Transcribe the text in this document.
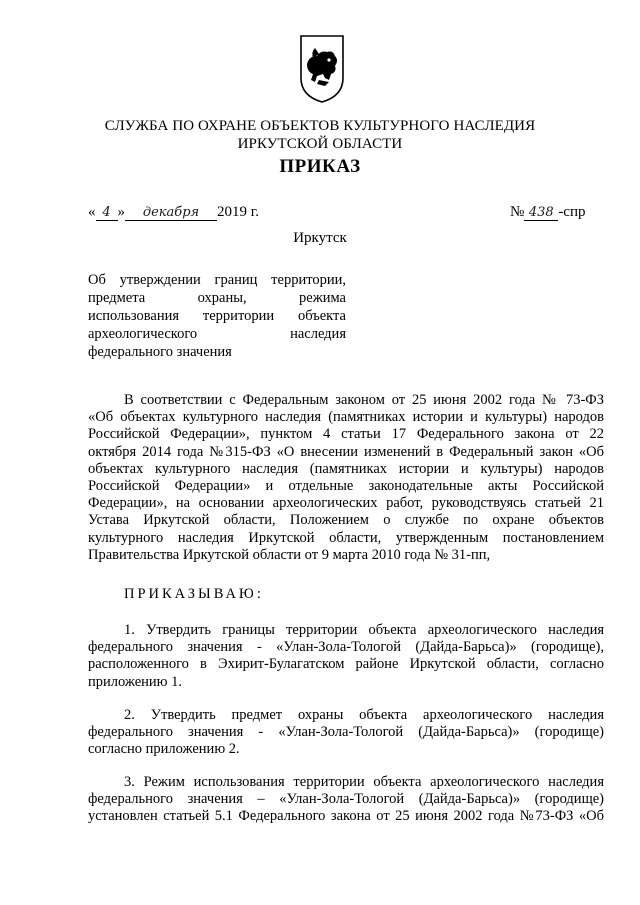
СЛУЖБА ПО ОХРАНЕ ОБЪЕКТОВ КУЛЬТУРНОГО НАСЛЕДИЯ
ИРКУТСКОЙ ОБЛАСТИ
ПРИКАЗ
« 4 » декабря 2019 г.	№ 438 -спр
Иркутск
Об утверждении границ территории,
предмета охраны, режима
использования территории объекта
археологического наследия
федерального значения
В соответствии с Федеральным законом от 25 июня 2002 года № 73-ФЗ
«Об объектах культурного наследия (памятниках истории и культуры) народов
Российской Федерации», пунктом 4 статьи 17 Федерального закона от 22
октября 2014 года №315-ФЗ «О внесении изменений в Федеральный закон «Об
объектах культурного наследия (памятниках истории и культуры) народов
Российской Федерации» и отдельные законодательные акты Российской
Федерации», на основании археологических работ, руководствуясь статьей 21
Устава Иркутской области, Положением о службе по охране объектов
культурного наследия Иркутской области, утвержденным постановлением
Правительства Иркутской области от 9 марта 2010 года № 31-пп,
ПРИКАЗЫВАЮ:
1. Утвердить границы территории объекта археологического наследия
федерального значения - «Улан-Зола-Тологой (Дайда-Барьса)» (городище),
расположенного в Эхирит-Булагатском районе Иркутской области, согласно
приложению 1.
2. Утвердить предмет охраны объекта археологического наследия
федерального значения - «Улан-Зола-Тологой (Дайда-Барьса)» (городище)
согласно приложению 2.
3. Режим использования территории объекта археологического наследия
федерального значения – «Улан-Зола-Тологой (Дайда-Барьса)» (городище)
установлен статьей 5.1 Федерального закона от 25 июня 2002 года №73-ФЗ «Об
